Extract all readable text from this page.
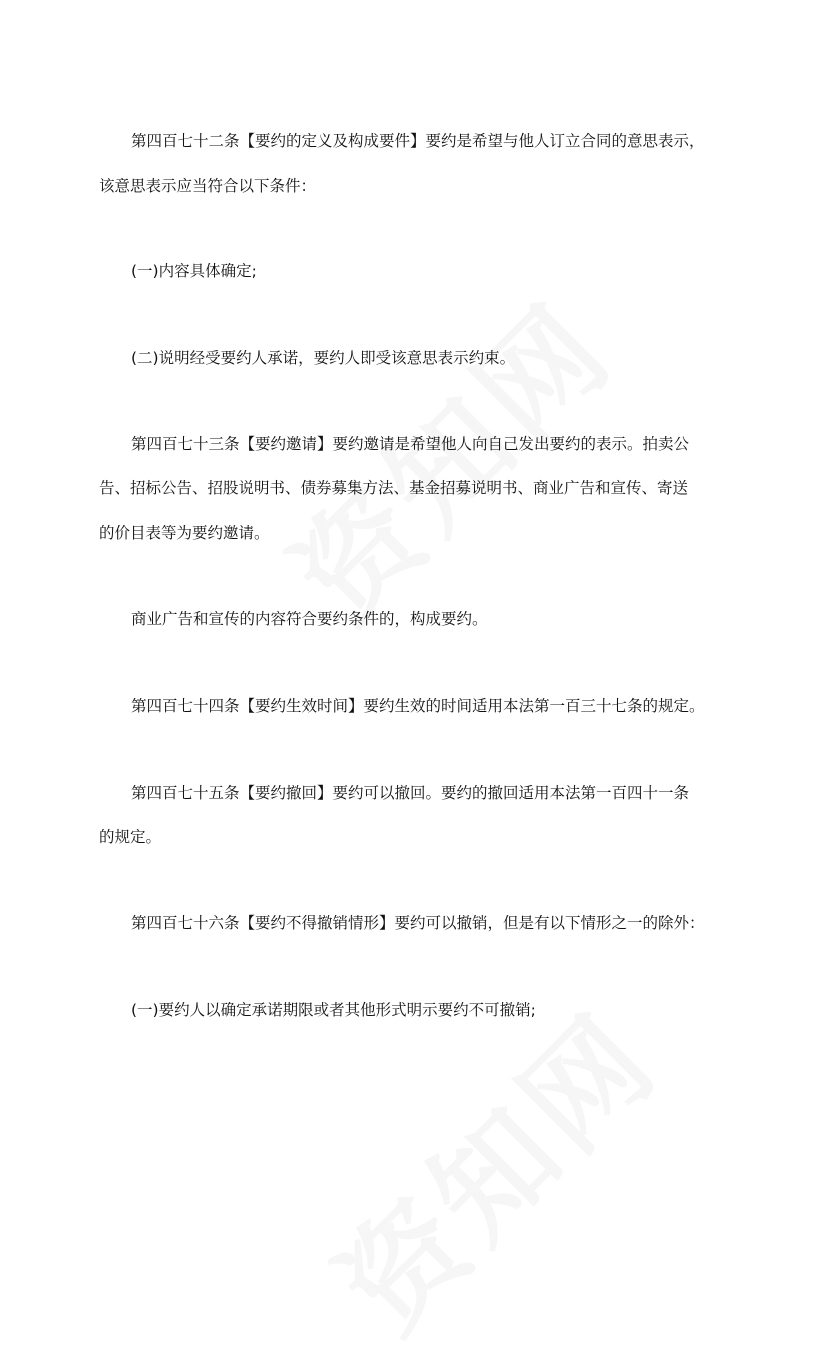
第四百七十二条【要约的定义及构成要件】要约是希望与他人订立合同的意思表示，
该意思表示应当符合以下条件：
(一)内容具体确定;
(二)说明经受要约人承诺，要约人即受该意思表示约束。
第四百七十三条【要约邀请】要约邀请是希望他人向自己发出要约的表示。拍卖公
告、招标公告、招股说明书、债券募集方法、基金招募说明书、商业广告和宣传、寄送
的价目表等为要约邀请。
商业广告和宣传的内容符合要约条件的，构成要约。
第四百七十四条【要约生效时间】要约生效的时间适用本法第一百三十七条的规定。
第四百七十五条【要约撤回】要约可以撤回。要约的撤回适用本法第一百四十一条
的规定。
第四百七十六条【要约不得撤销情形】要约可以撤销，但是有以下情形之一的除外：
(一)要约人以确定承诺期限或者其他形式明示要约不可撤销;
